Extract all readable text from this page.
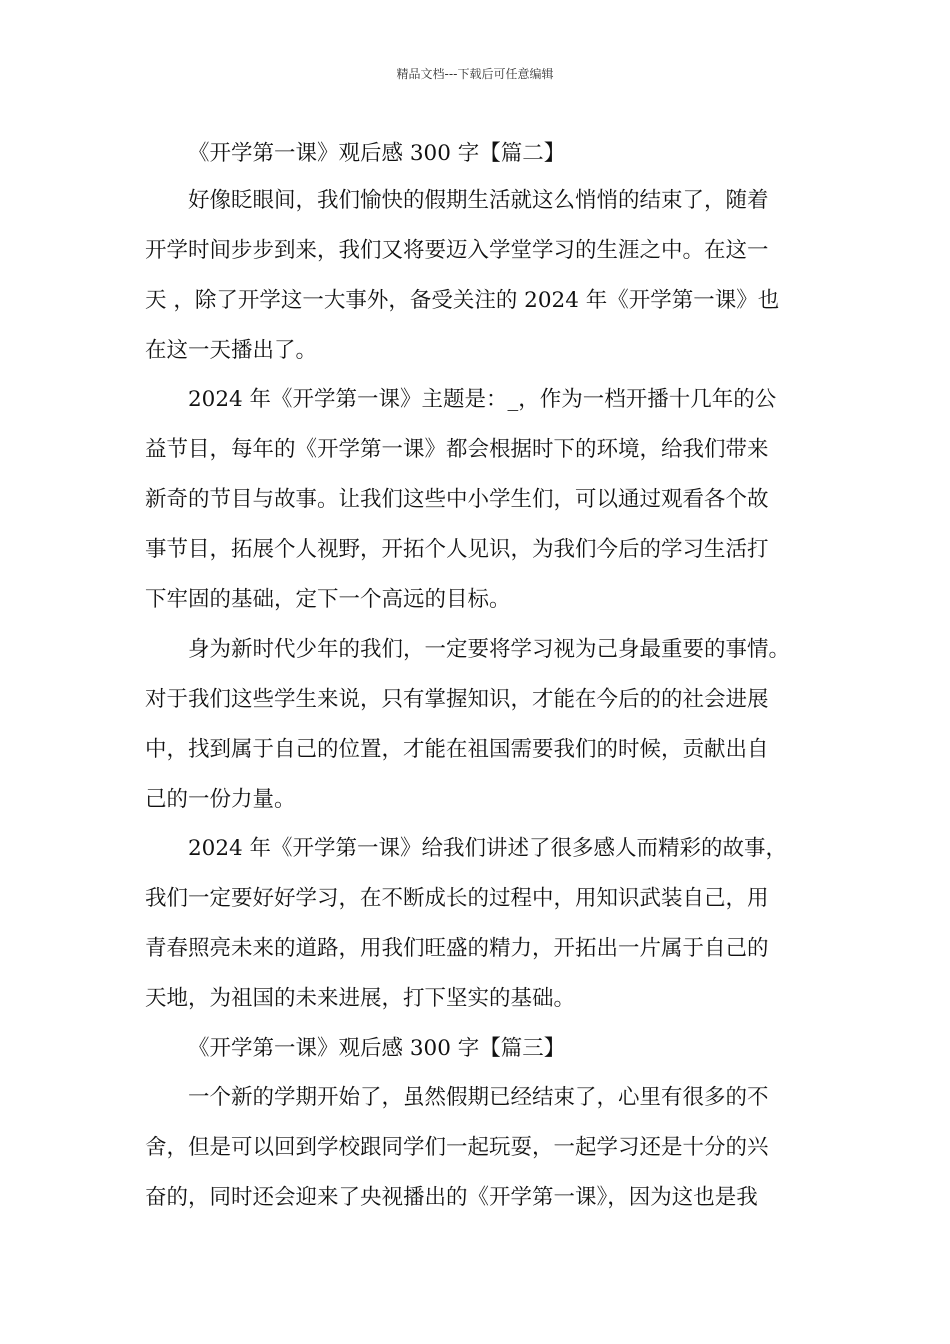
精品文档---下载后可任意编辑
《开学第一课》观后感 300 字【篇二】
好像眨眼间，我们愉快的假期生活就这么悄悄的结束了，随着
开学时间步步到来，我们又将要迈入学堂学习的生涯之中。在这一
天 ，除了开学这一大事外，备受关注的 2024 年《开学第一课》也
在这一天播出了。
2024 年《开学第一课》主题是：_，作为一档开播十几年的公
益节目，每年的《开学第一课》都会根据时下的环境，给我们带来
新奇的节目与故事。让我们这些中小学生们，可以通过观看各个故
事节目，拓展个人视野，开拓个人见识，为我们今后的学习生活打
下牢固的基础，定下一个高远的目标。
身为新时代少年的我们，一定要将学习视为己身最重要的事情。
对于我们这些学生来说，只有掌握知识，才能在今后的的社会进展
中，找到属于自己的位置，才能在祖国需要我们的时候，贡献出自
己的一份力量。
2024 年《开学第一课》给我们讲述了很多感人而精彩的故事，
我们一定要好好学习，在不断成长的过程中，用知识武装自己，用
青春照亮未来的道路，用我们旺盛的精力，开拓出一片属于自己的
天地，为祖国的未来进展，打下坚实的基础。
《开学第一课》观后感 300 字【篇三】
一个新的学期开始了，虽然假期已经结束了，心里有很多的不
舍，但是可以回到学校跟同学们一起玩耍，一起学习还是十分的兴
奋的，同时还会迎来了央视播出的《开学第一课》，因为这也是我
